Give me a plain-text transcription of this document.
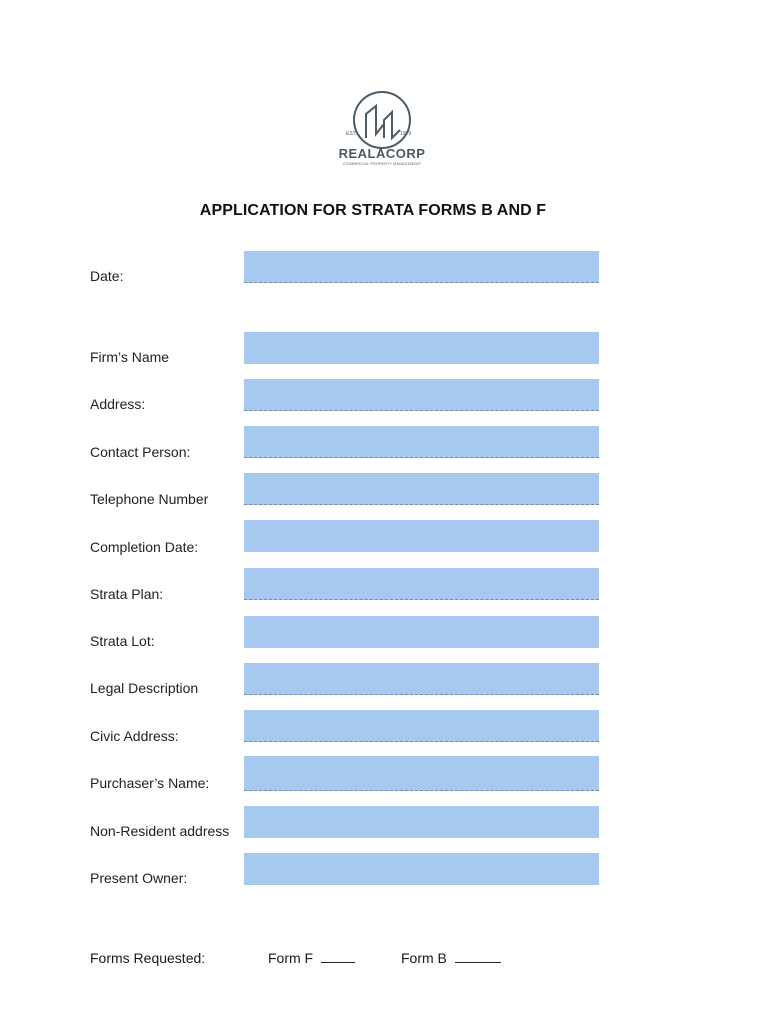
EST.	1979
REALACORP
COMMERCIAL PROPERTY MANAGEMENT
APPLICATION FOR STRATA FORMS B AND F
Date:
Firm’s Name
Address:
Contact Person:
Telephone Number
Completion Date:
Strata Plan:
Strata Lot:
Legal Description
Civic Address:
Purchaser’s Name:
Non-Resident address
Present Owner:
Forms Requested:	Form F	Form B
